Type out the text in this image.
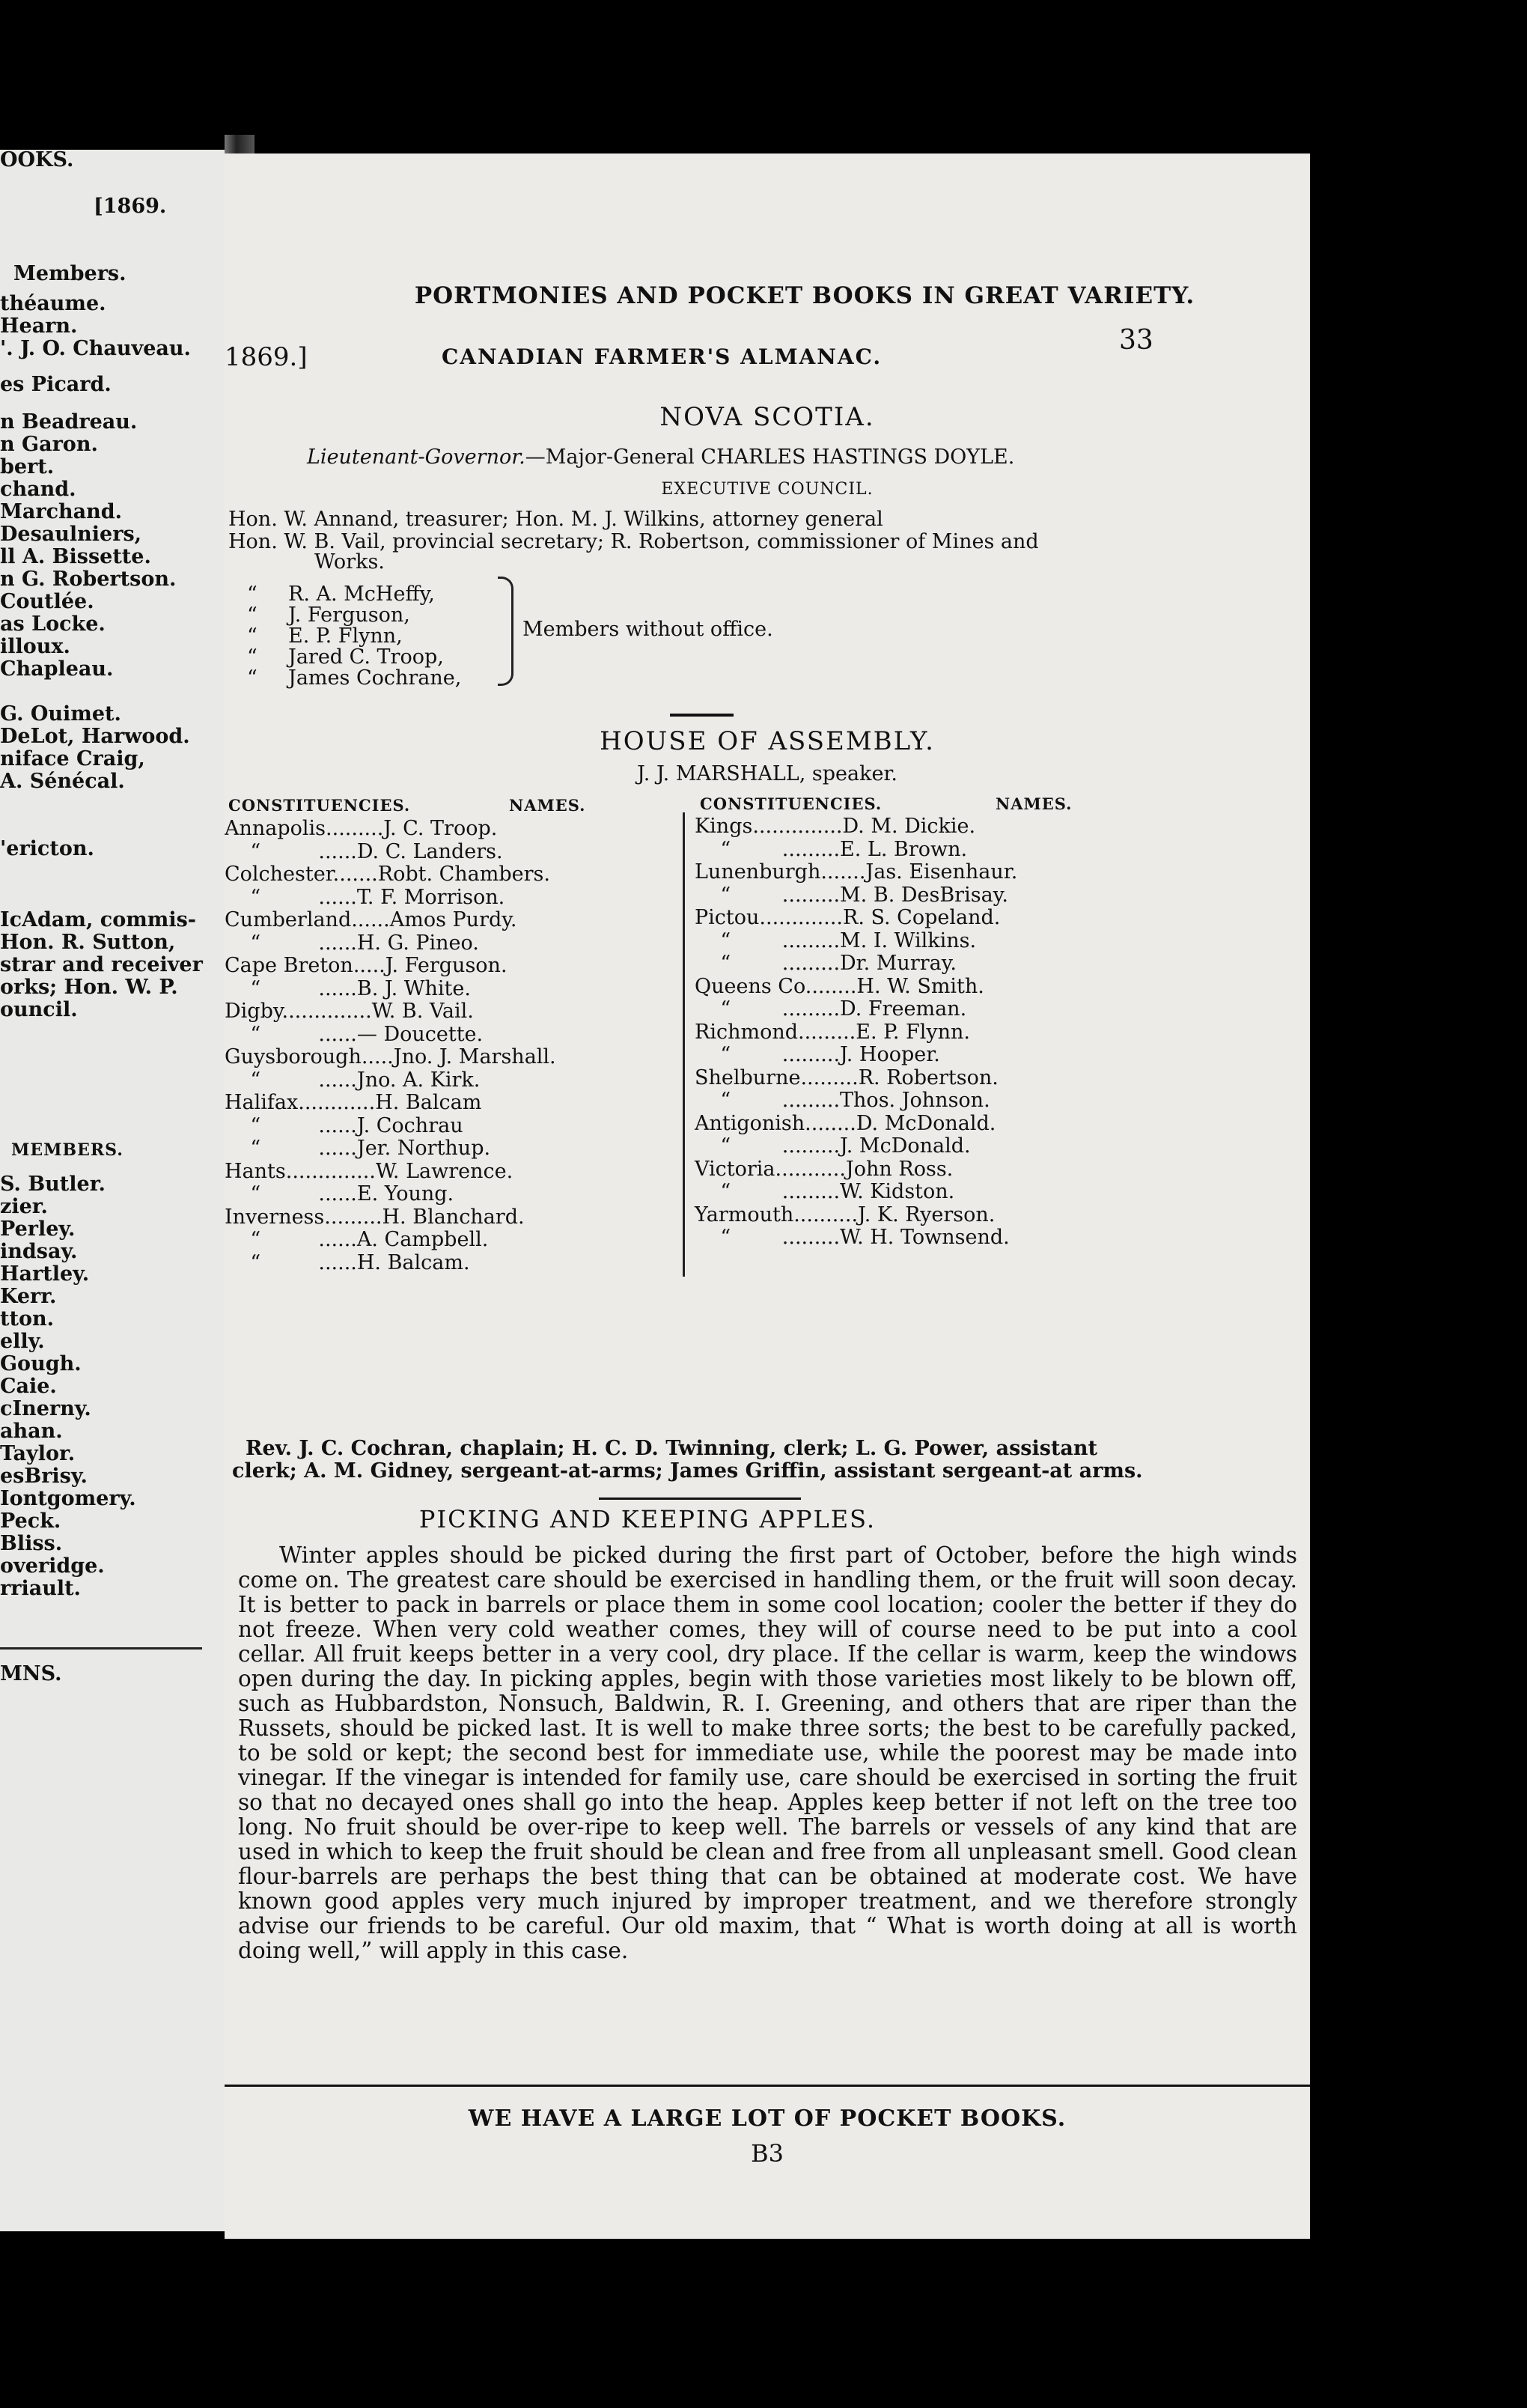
OOKS.
[1869.
Members.
théaume.
Hearn.
'. J. O. Chauveau.
es Picard.
n Beadreau.
n Garon.
bert.
chand.
Marchand.
Desaulniers,
ll A. Bissette.
n G. Robertson.
Coutlée.
as Locke.
illoux.
Chapleau.
G. Ouimet.
DeLot, Harwood.
niface Craig,
A. Sénécal.
'ericton.
IcAdam, commis-
Hon. R. Sutton,
strar and receiver
orks; Hon. W. P.
ouncil.
MEMBERS.
S. Butler.
zier.
Perley.
indsay.
Hartley.
Kerr.
tton.
elly.
Gough.
Caie.
cInerny.
ahan.
Taylor.
esBrisy.
Iontgomery.
Peck.
Bliss.
overidge.
rriault.
MNS.
PORTMONIES AND POCKET BOOKS IN GREAT VARIETY.
1869.]	CANADIAN FARMER'S ALMANAC.
33
NOVA SCOTIA.
Lieutenant-Governor.—Major-General CHARLES HASTINGS DOYLE.
EXECUTIVE COUNCIL.
Hon. W. Annand, treasurer; Hon. M. J. Wilkins, attorney general
Hon. W. B. Vail, provincial secretary; R. Robertson, commissioner of Mines and
Works.
“ R. A. McHeffy,
“ J. Ferguson,
“ E. P. Flynn,
“ Jared C. Troop,
“ James Cochrane,
Members without office.
HOUSE OF ASSEMBLY.
J. J. MARSHALL, speaker.
CONSTITUENCIES.	NAMES.	CONSTITUENCIES.	NAMES.
Annapolis.........J. C. Troop.
“         ......D. C. Landers.
Colchester.......Robt. Chambers.
“         ......T. F. Morrison.
Cumberland......Amos Purdy.
“         ......H. G. Pineo.
Cape Breton.....J. Ferguson.
“         ......B. J. White.
Digby..............W. B. Vail.
“         ......— Doucette.
Guysborough.....Jno. J. Marshall.
“         ......Jno. A. Kirk.
Halifax............H. Balcam
“         ......J. Cochrau
“         ......Jer. Northup.
Hants..............W. Lawrence.
“         ......E. Young.
Inverness.........H. Blanchard.
“         ......A. Campbell.
“         ......H. Balcam.
Kings..............D. M. Dickie.
“        .........E. L. Brown.
Lunenburgh.......Jas. Eisenhaur.
“        .........M. B. DesBrisay.
Pictou.............R. S. Copeland.
“        .........M. I. Wilkins.
“        .........Dr. Murray.
Queens Co........H. W. Smith.
“        .........D. Freeman.
Richmond.........E. P. Flynn.
“        .........J. Hooper.
Shelburne.........R. Robertson.
“        .........Thos. Johnson.
Antigonish........D. McDonald.
“        .........J. McDonald.
Victoria...........John Ross.
“        .........W. Kidston.
Yarmouth..........J. K. Ryerson.
“        .........W. H. Townsend.
Rev. J. C. Cochran, chaplain; H. C. D. Twinning, clerk; L. G. Power, assistant
clerk; A. M. Gidney, sergeant-at-arms; James Griffin, assistant sergeant-at arms.
PICKING AND KEEPING APPLES.

Winter apples should be picked during the first part of October, before the high winds come on. The greatest care should be exercised in handling them, or the fruit will soon decay. It is better to pack in barrels or place them in some cool location; cooler the better if they do not freeze. When very cold weather comes, they will of course need to be put into a cool cellar. All fruit keeps better in a very cool, dry place. If the cellar is warm, keep the windows open during the day. In picking apples, begin with those varieties most likely to be blown off, such as Hubbardston, Nonsuch, Baldwin, R. I. Greening, and others that are riper than the Russets, should be picked last. It is well to make three sorts; the best to be carefully packed, to be sold or kept; the second best for immediate use, while the poorest may be made into vinegar. If the vinegar is intended for family use, care should be exercised in sorting the fruit so that no decayed ones shall go into the heap. Apples keep better if not left on the tree too long. No fruit should be over-ripe to keep well. The barrels or vessels of any kind that are used in which to keep the fruit should be clean and free from all unpleasant smell. Good clean flour-barrels are perhaps the best thing that can be obtained at moderate cost. We have known good apples very much injured by improper treatment, and we therefore strongly advise our friends to be careful. Our old maxim, that “ What is worth doing at all is worth doing well,” will apply in this case.

WE HAVE A LARGE LOT OF POCKET BOOKS.
B3
